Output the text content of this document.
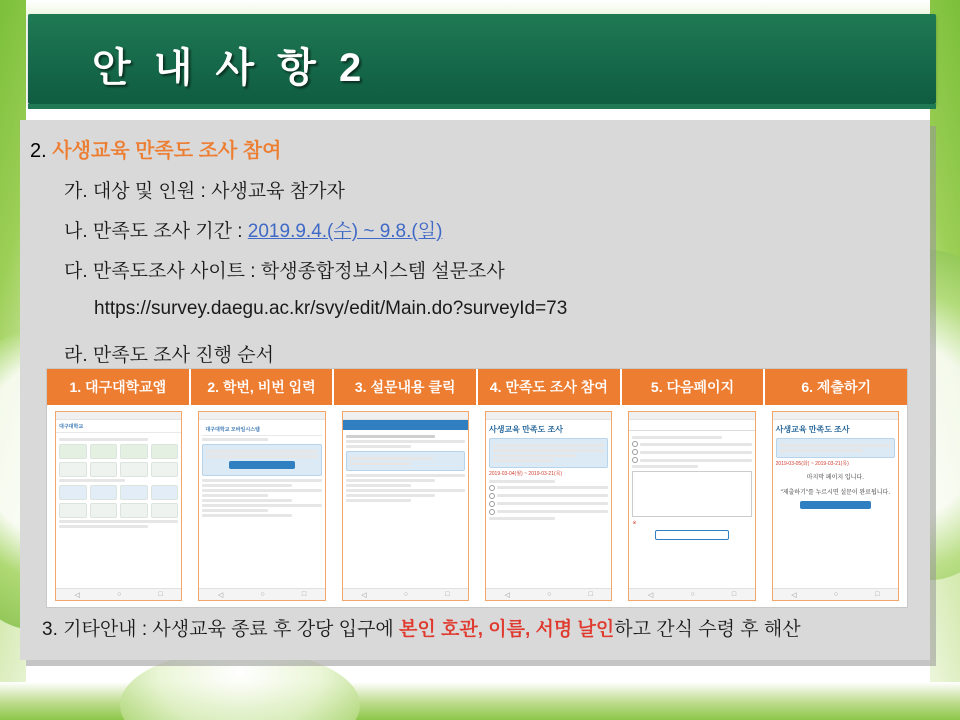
안 내 사 항 2
2. 사생교육 만족도 조사 참여
가. 대상 및 인원 : 사생교육 참가자
나. 만족도 조사 기간 : 2019.9.4.(수) ~ 9.8.(일)
다. 만족도조사 사이트 : 학생종합정보시스템 설문조사
https://survey.daegu.ac.kr/svy/edit/Main.do?surveyId=73
라. 만족도 조사 진행 순서
1. 대구대학교앱	2. 학번, 비번 입력	3. 설문내용 클릭	4. 만족도 조사 참여	5. 다음페이지	6. 제출하기
대구대학교
◁	○	□
대구대학교 모바일시스템
◁	○	□	◁	○	□
사생교육 만족도 조사
2019-03-04(월) ~ 2019-03-21(목)
◁	○	□
※
◁	○	□
사생교육 만족도 조사
2019-03-05(화) ~ 2019-03-21(목)
마지막 페이지 입니다.
"제출하기"를 누르시면 설문이 완료됩니다.
◁	○	□
3. 기타안내 : 사생교육 종료 후 강당 입구에 본인 호관, 이름, 서명 날인하고 간식 수령 후 해산
